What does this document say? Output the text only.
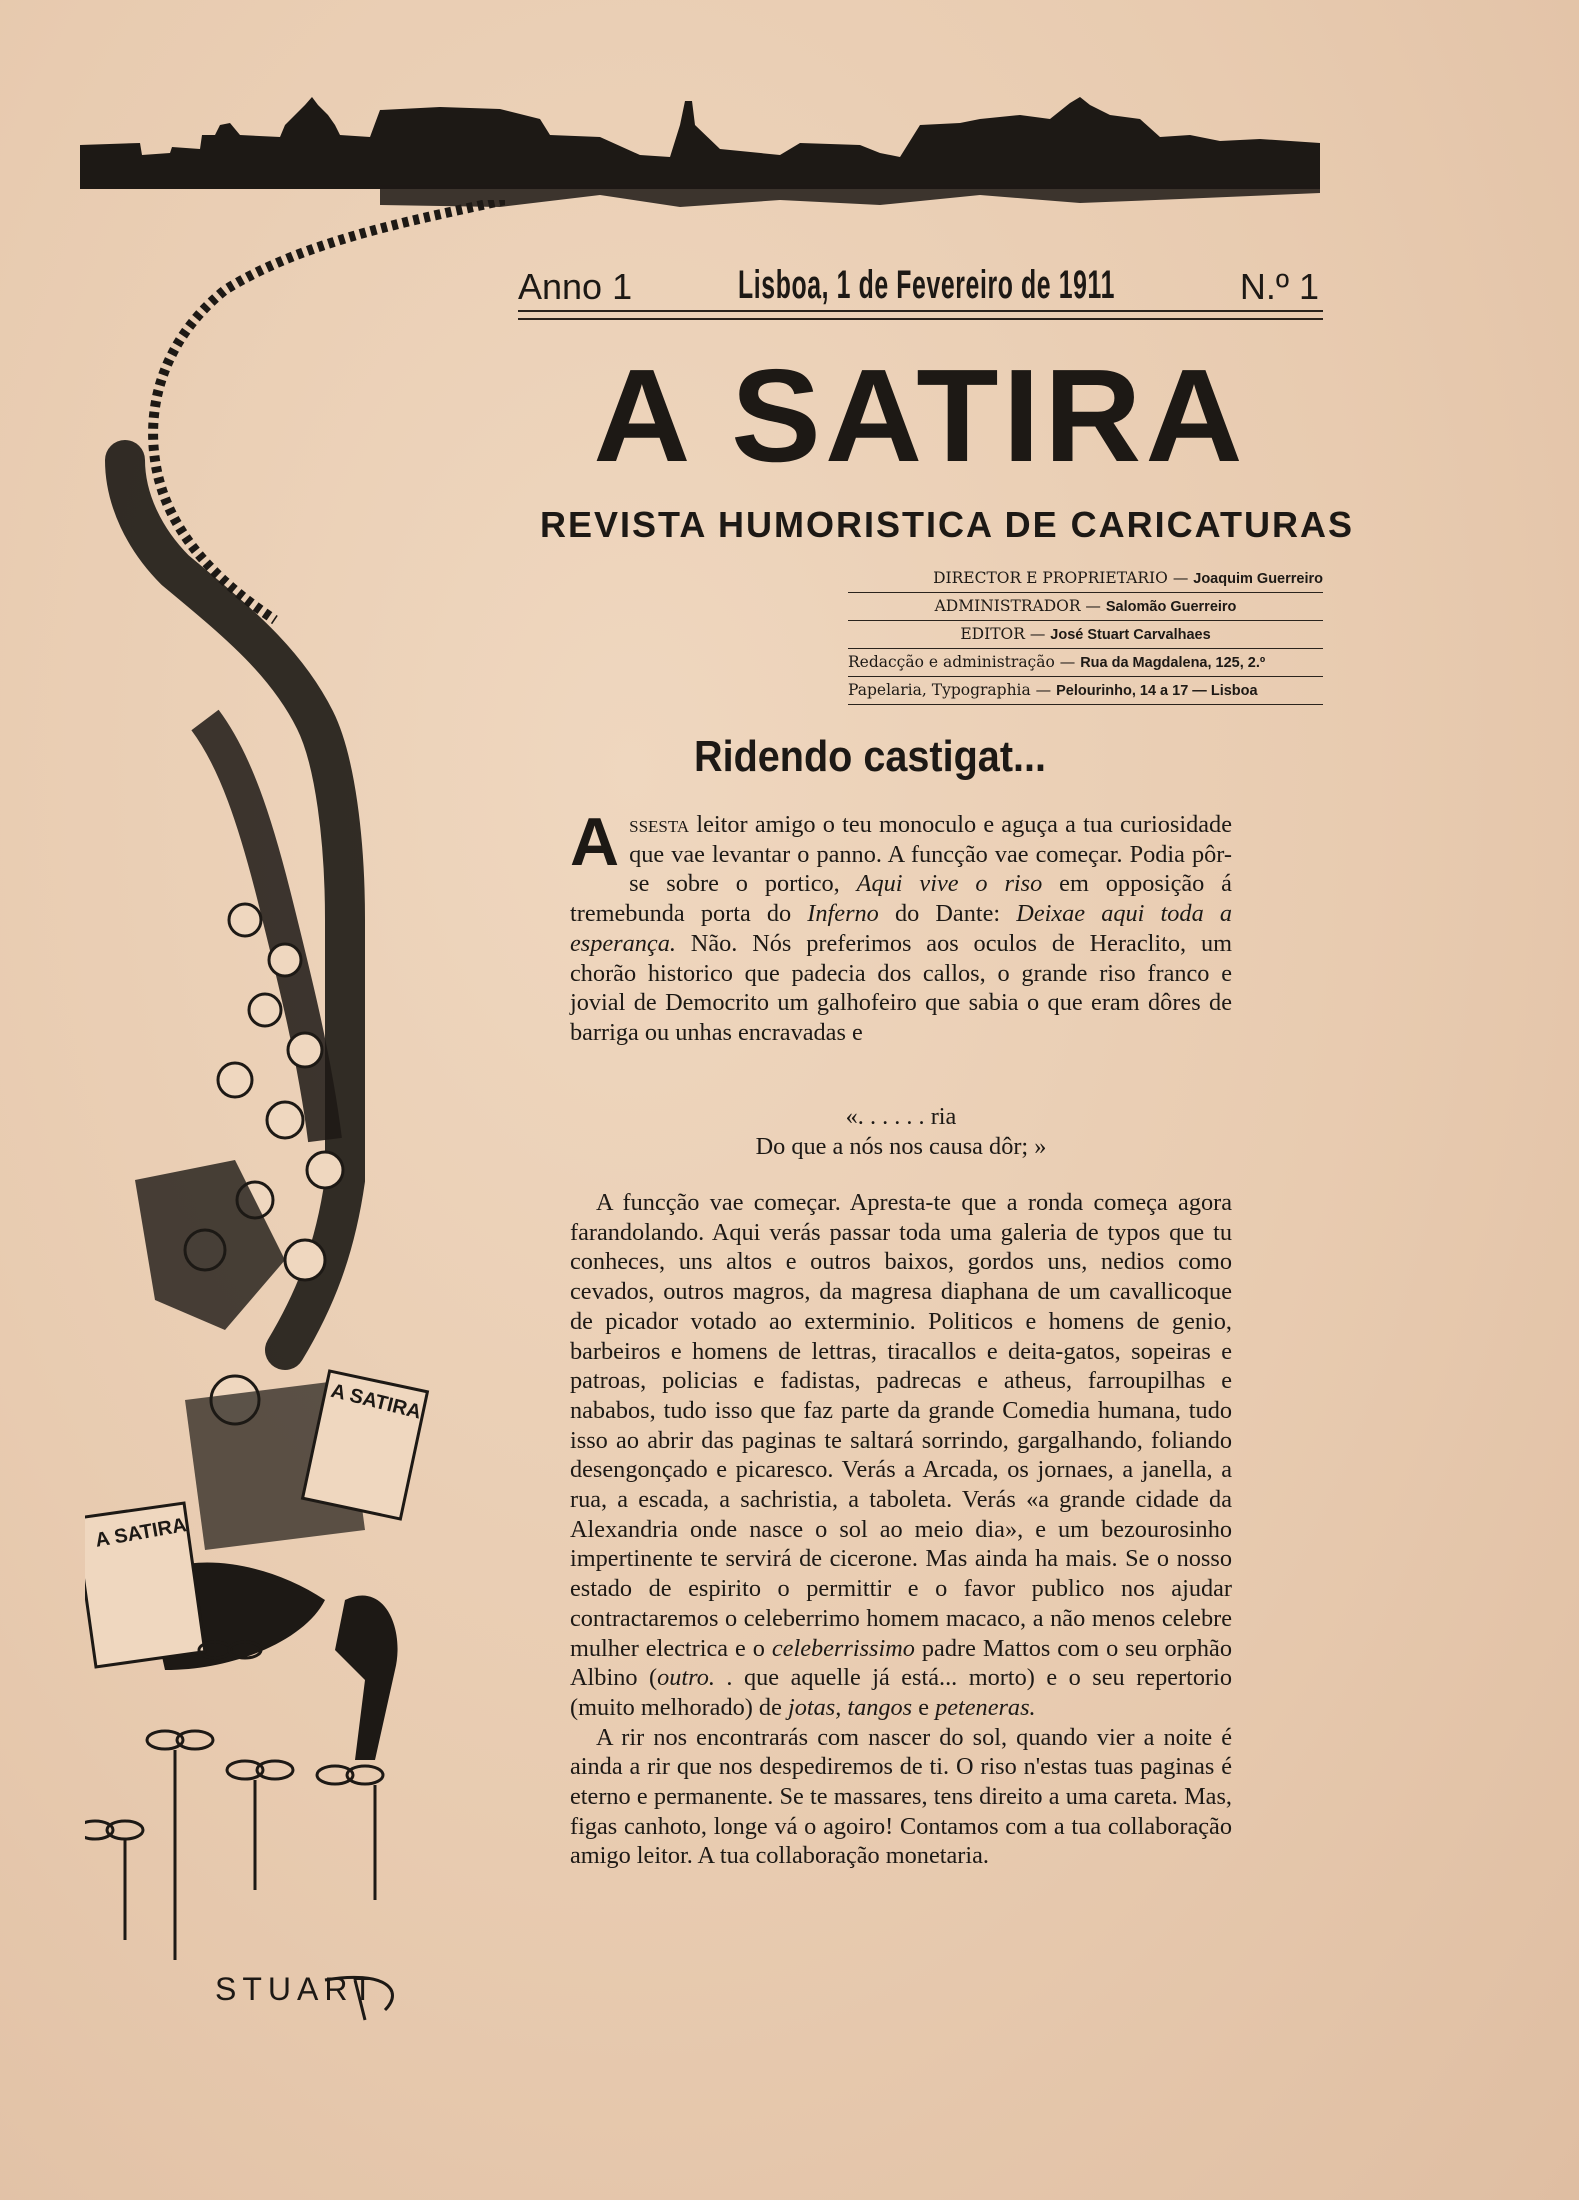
A SATIRA
A SATIRA
STUART
Anno 1	Lisboa, 1 de Fevereiro de 1911	N.º 1
A SATIRA
REVISTA HUMORISTICA DE CARICATURAS
DIRECTOR E PROPRIETARIO — Joaquim Guerreiro
ADMINISTRADOR — Salomão Guerreiro
EDITOR — José Stuart Carvalhaes
Redacção e administração — Rua da Magdalena, 125, 2.º
Papelaria, Typographia — Pelourinho, 14 a 17 — Lisboa
Ridendo castigat...
Assesta leitor amigo o teu monoculo e aguça a tua curiosidade que vae levantar o panno. A funcção vae começar. Podia pôr-se sobre o portico, Aqui vive o riso em opposição á tremebunda porta do Inferno do Dante: Deixae aqui toda a esperança. Não. Nós preferimos aos oculos de Heraclito, um chorão historico que padecia dos callos, o grande riso franco e jovial de Democrito um galhofeiro que sabia o que eram dôres de barriga ou unhas encravadas e
«. . . . . . ria
Do que a nós nos causa dôr; »

A funcção vae começar. Apresta-te que a ronda começa agora farandolando. Aqui verás passar toda uma galeria de typos que tu conheces, uns altos e outros baixos, gordos uns, nedios como cevados, outros magros, da magresa diaphana de um cavallicoque de picador votado ao exterminio. Politicos e homens de genio, barbeiros e homens de lettras, tiracallos e deita-gatos, sopeiras e patroas, policias e fadistas, padrecas e atheus, farroupilhas e nababos, tudo isso que faz parte da grande Comedia humana, tudo isso ao abrir das paginas te saltará sorrindo, gargalhando, foliando desengonçado e picaresco. Verás a Arcada, os jornaes, a janella, a rua, a escada, a sachristia, a taboleta. Verás «a grande cidade da Alexandria onde nasce o sol ao meio dia», e um bezourosinho impertinente te servirá de cicerone. Mas ainda ha mais. Se o nosso estado de espirito o permittir e o favor publico nos ajudar contractaremos o celeberrimo homem macaco, a não menos celebre mulher electrica e o celeberrissimo padre Mattos com o seu orphão Albino (outro. . que aquelle já está... morto) e o seu repertorio (muito melhorado) de jotas, tangos e peteneras.

A rir nos encontrarás com nascer do sol, quando vier a noite é ainda a rir que nos despediremos de ti. O riso n'estas tuas paginas é eterno e permanente. Se te massares, tens direito a uma careta. Mas, figas canhoto, longe vá o agoiro! Contamos com a tua collaboração amigo leitor. A tua collaboração monetaria.
